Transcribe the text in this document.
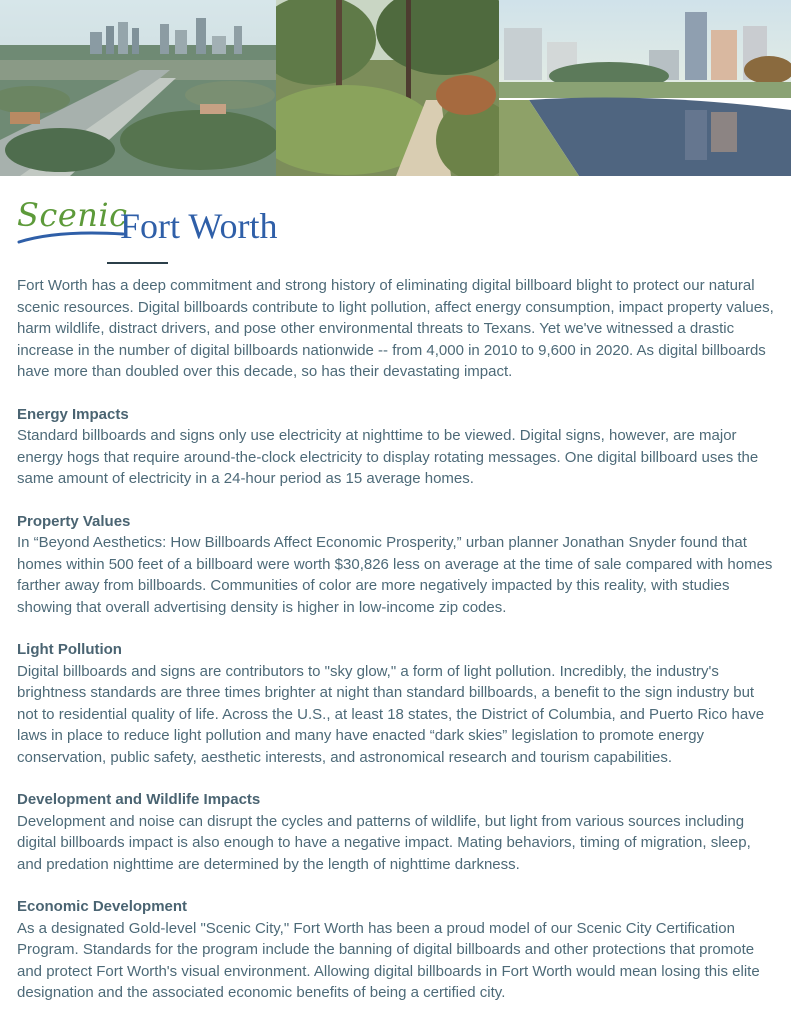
Scenic
Fort Worth

Fort Worth has a deep commitment and strong history of eliminating digital billboard blight to protect our natural scenic resources. Digital billboards contribute to light pollution, affect energy consumption, impact property values, harm wildlife, distract drivers, and pose other environmental threats to Texans. Yet we've witnessed a drastic increase in the number of digital billboards nationwide -- from 4,000 in 2010 to 9,600 in 2020. As digital billboards have more than doubled over this decade, so has their devastating impact.

Energy Impacts

Standard billboards and signs only use electricity at nighttime to be viewed. Digital signs, however, are major energy hogs that require around-the-clock electricity to display rotating messages. One digital billboard uses the same amount of electricity in a 24-hour period as 15 average homes.

Property Values

In “Beyond Aesthetics: How Billboards Affect Economic Prosperity,” urban planner Jonathan Snyder found that homes within 500 feet of a billboard were worth $30,826 less on average at the time of sale compared with homes farther away from billboards. Communities of color are more negatively impacted by this reality, with studies showing that overall advertising density is higher in low-income zip codes.

Light Pollution

Digital billboards and signs are contributors to "sky glow," a form of light pollution. Incredibly, the industry's brightness standards are three times brighter at night than standard billboards, a benefit to the sign industry but not to residential quality of life. Across the U.S., at least 18 states, the District of Columbia, and Puerto Rico have laws in place to reduce light pollution and many have enacted “dark skies” legislation to promote energy conservation, public safety, aesthetic interests, and astronomical research and tourism capabilities.

Development and Wildlife Impacts

Development and noise can disrupt the cycles and patterns of wildlife, but light from various sources including digital billboards impact is also enough to have a negative impact. Mating behaviors, timing of migration, sleep, and predation nighttime are determined by the length of nighttime darkness.

Economic Development

As a designated Gold-level "Scenic City," Fort Worth has been a proud model of our Scenic City Certification Program. Standards for the program include the banning of digital billboards and other protections that promote and protect Fort Worth's visual environment. Allowing digital billboards in Fort Worth would mean losing this elite designation and the associated economic benefits of being a certified city.
